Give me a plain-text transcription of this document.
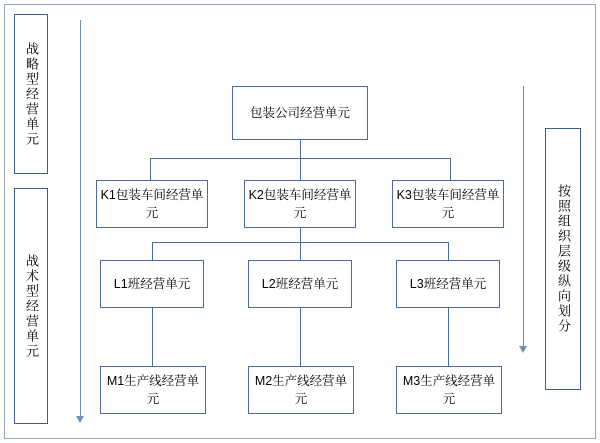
战略型经营单元
战术型经营单元	按照组织层级纵向划分
包装公司经营单元
K1包装车间经营单元
K2包装车间经营单元
K3包装车间经营单元
L1班经营单元	L2班经营单元	L3班经营单元
M1生产线经营单元
M2生产线经营单元
M3生产线经营单元
